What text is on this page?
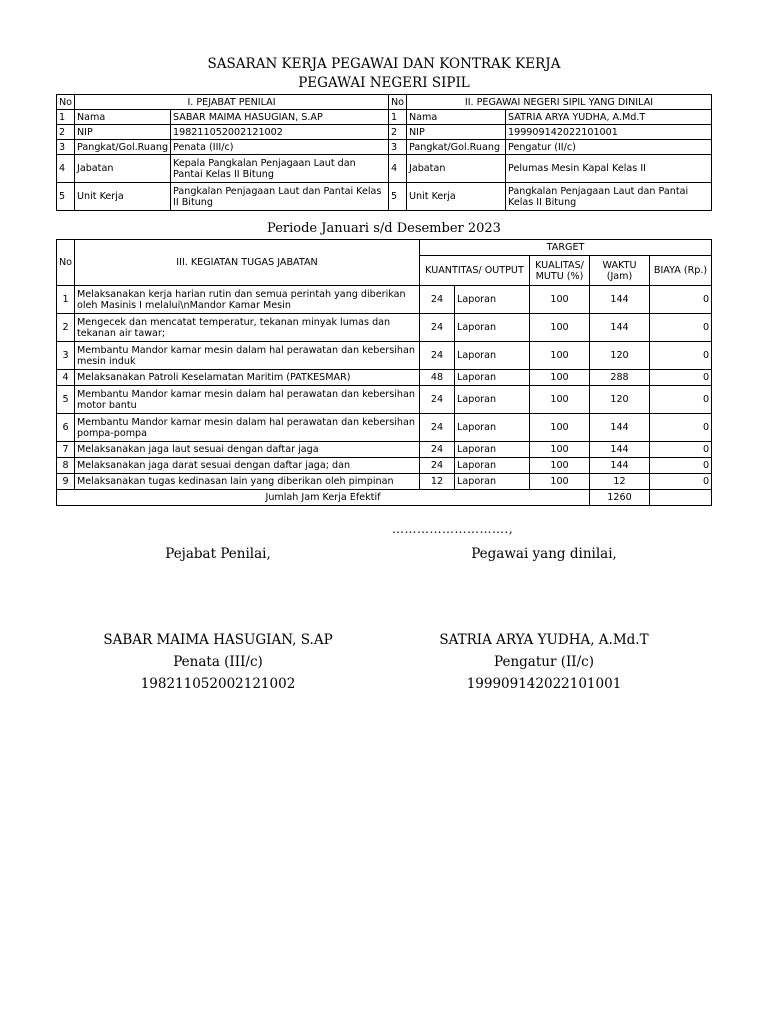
SASARAN KERJA PEGAWAI DAN KONTRAK KERJA
PEGAWAI NEGERI SIPIL
No	I. PEJABAT PENILAI		No	II. PEGAWAI NEGERI SIPIL YANG DINILAI	
1	Nama	SABAR MAIMA HASUGIAN, S.AP	1	Nama	SATRIA ARYA YUDHA, A.Md.T
2	NIP	198211052002121002	2	NIP	199909142022101001
3	Pangkat/Gol.Ruang	Penata (III/c)	3	Pangkat/Gol.Ruang	Pengatur (II/c)
4	Jabatan	Kepala Pangkalan Penjagaan Laut dan Pantai Kelas II Bitung	4	Jabatan	Pelumas Mesin Kapal Kelas II
5	Unit Kerja	Pangkalan Penjagaan Laut dan Pantai Kelas II Bitung	5	Unit Kerja	Pangkalan Penjagaan Laut dan Pantai Kelas II Bitung
Periode Januari s/d Desember 2023
No	III. KEGIATAN TUGAS JABATAN	TARGET				
		KUANTITAS/ OUTPUT		KUALITAS/ MUTU (%)	WAKTU (Jam)	BIAYA (Rp.)
1	Melaksanakan kerja harian rutin dan semua perintah yang diberikan oleh Masinis I melalui\nMandor Kamar Mesin	24	Laporan	100	144	0
2	Mengecek dan mencatat temperatur, tekanan minyak lumas dan tekanan air tawar;	24	Laporan	100	144	0
3	Membantu Mandor kamar mesin dalam hal perawatan dan kebersihan mesin induk	24	Laporan	100	120	0
4	Melaksanakan Patroli Keselamatan Maritim (PATKESMAR)	48	Laporan	100	288	0
5	Membantu Mandor kamar mesin dalam hal perawatan dan kebersihan motor bantu	24	Laporan	100	120	0
6	Membantu Mandor kamar mesin dalam hal perawatan dan kebersihan pompa-pompa	24	Laporan	100	144	0
7	Melaksanakan jaga laut sesuai dengan daftar jaga	24	Laporan	100	144	0
8	Melaksanakan jaga darat sesuai dengan daftar jaga; dan	24	Laporan	100	144	0
9	Melaksanakan tugas kedinasan lain yang diberikan oleh pimpinan	12	Laporan	100	12	0
Jumlah Jam Kerja Efektif					1260	
……………………….,
Pejabat Penilai,
SABAR MAIMA HASUGIAN, S.AP
Penata (III/c)
198211052002121002
Pegawai yang dinilai,
SATRIA ARYA YUDHA, A.Md.T
Pengatur (II/c)
199909142022101001
